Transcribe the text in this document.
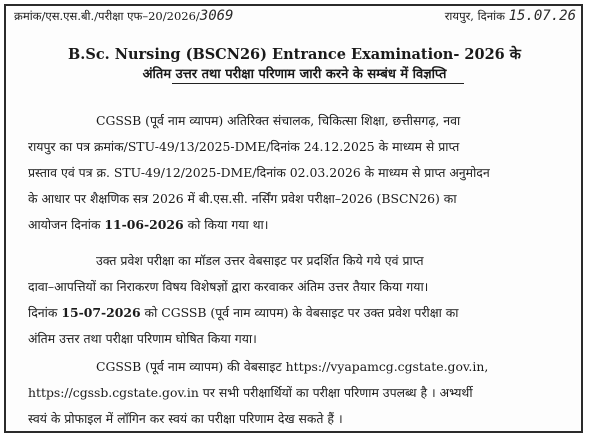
क्रमांक/एस.एस.बी./परीक्षा एफ–20/2026/3069	रायपुर, दिनांक 15.07.26
B.Sc. Nursing (BSCN26) Entrance Examination- 2026 के
अंतिम उत्तर तथा परीक्षा परिणाम जारी करने के सम्बंध में विज्ञप्ति
CGSSB (पूर्व नाम व्यापम) अतिरिक्त संचालक, चिकित्सा शिक्षा, छत्तीसगढ़, नवा
रायपुर का पत्र क्रमांक/STU-49/13/2025-DME/दिनांक 24.12.2025 के माध्यम से प्राप्त
प्रस्ताव एवं पत्र क्र. STU-49/12/2025-DME/दिनांक 02.03.2026 के माध्यम से प्राप्त अनुमोदन
के आधार पर शैक्षणिक सत्र 2026 में बी.एस.सी. नर्सिंग प्रवेश परीक्षा–2026 (BSCN26) का
आयोजन दिनांक 11-06-2026 को किया गया था।
उक्त प्रवेश परीक्षा का मॉडल उत्तर वेबसाइट पर प्रदर्शित किये गये एवं प्राप्त
दावा–आपत्तियों का निराकरण विषय विशेषज्ञों द्वारा करवाकर अंतिम उत्तर तैयार किया गया।
दिनांक 15-07-2026 को CGSSB (पूर्व नाम व्यापम) के वेबसाइट पर उक्त प्रवेश परीक्षा का
अंतिम उत्तर तथा परीक्षा परिणाम घोषित किया गया।
CGSSB (पूर्व नाम व्यापम) की वेबसाइट https://vyapamcg.cgstate.gov.in,
https://cgssb.cgstate.gov.in पर सभी परीक्षार्थियों का परीक्षा परिणाम उपलब्ध है । अभ्यर्थी
स्वयं के प्रोफाइल में लॉगिन कर स्वयं का परीक्षा परिणाम देख सकते हैं ।
